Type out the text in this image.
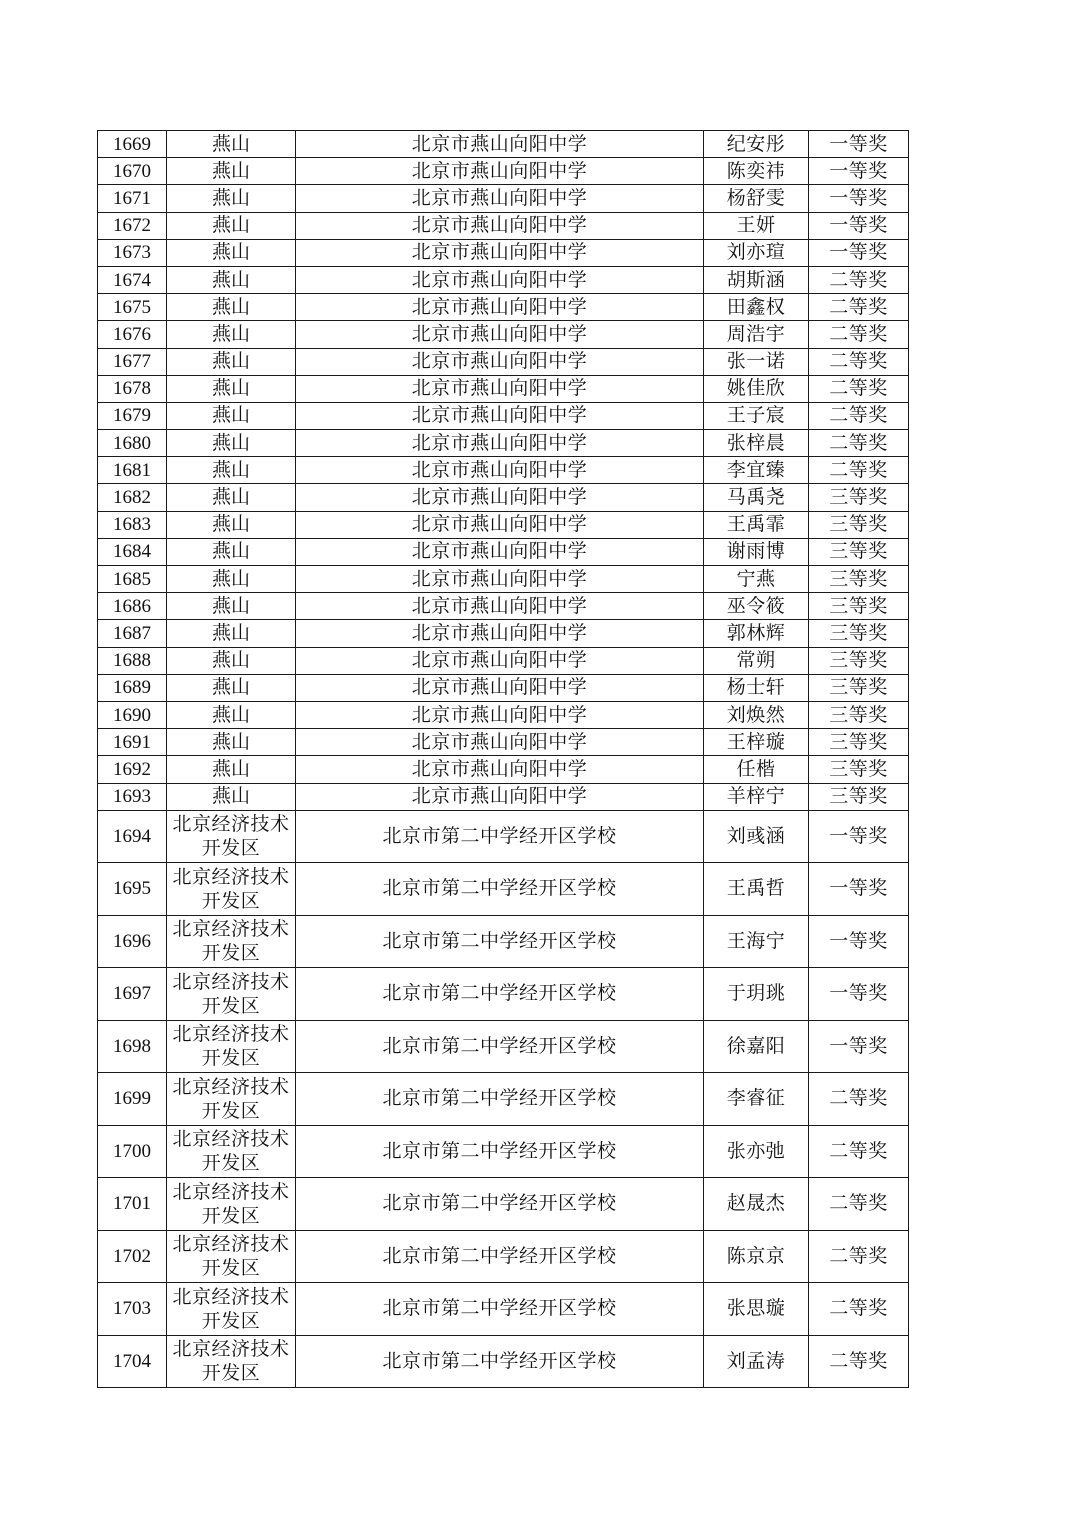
1669	燕山	北京市燕山向阳中学	纪安彤	一等奖
1670	燕山	北京市燕山向阳中学	陈奕祎	一等奖
1671	燕山	北京市燕山向阳中学	杨舒雯	一等奖
1672	燕山	北京市燕山向阳中学	王妍	一等奖
1673	燕山	北京市燕山向阳中学	刘亦瑄	一等奖
1674	燕山	北京市燕山向阳中学	胡斯涵	二等奖
1675	燕山	北京市燕山向阳中学	田鑫权	二等奖
1676	燕山	北京市燕山向阳中学	周浩宇	二等奖
1677	燕山	北京市燕山向阳中学	张一诺	二等奖
1678	燕山	北京市燕山向阳中学	姚佳欣	二等奖
1679	燕山	北京市燕山向阳中学	王子宸	二等奖
1680	燕山	北京市燕山向阳中学	张梓晨	二等奖
1681	燕山	北京市燕山向阳中学	李宜臻	二等奖
1682	燕山	北京市燕山向阳中学	马禹尧	三等奖
1683	燕山	北京市燕山向阳中学	王禹霏	三等奖
1684	燕山	北京市燕山向阳中学	谢雨博	三等奖
1685	燕山	北京市燕山向阳中学	宁燕	三等奖
1686	燕山	北京市燕山向阳中学	巫令筱	三等奖
1687	燕山	北京市燕山向阳中学	郭林辉	三等奖
1688	燕山	北京市燕山向阳中学	常朔	三等奖
1689	燕山	北京市燕山向阳中学	杨士轩	三等奖
1690	燕山	北京市燕山向阳中学	刘焕然	三等奖
1691	燕山	北京市燕山向阳中学	王梓璇	三等奖
1692	燕山	北京市燕山向阳中学	任楷	三等奖
1693	燕山	北京市燕山向阳中学	羊梓宁	三等奖
1694	北京经济技术开发区	北京市第二中学经开区学校	刘彧涵	一等奖
1695	北京经济技术开发区	北京市第二中学经开区学校	王禹哲	一等奖
1696	北京经济技术开发区	北京市第二中学经开区学校	王海宁	一等奖
1697	北京经济技术开发区	北京市第二中学经开区学校	于玥珧	一等奖
1698	北京经济技术开发区	北京市第二中学经开区学校	徐嘉阳	一等奖
1699	北京经济技术开发区	北京市第二中学经开区学校	李睿征	二等奖
1700	北京经济技术开发区	北京市第二中学经开区学校	张亦弛	二等奖
1701	北京经济技术开发区	北京市第二中学经开区学校	赵晟杰	二等奖
1702	北京经济技术开发区	北京市第二中学经开区学校	陈京京	二等奖
1703	北京经济技术开发区	北京市第二中学经开区学校	张思璇	二等奖
1704	北京经济技术开发区	北京市第二中学经开区学校	刘孟涛	二等奖
